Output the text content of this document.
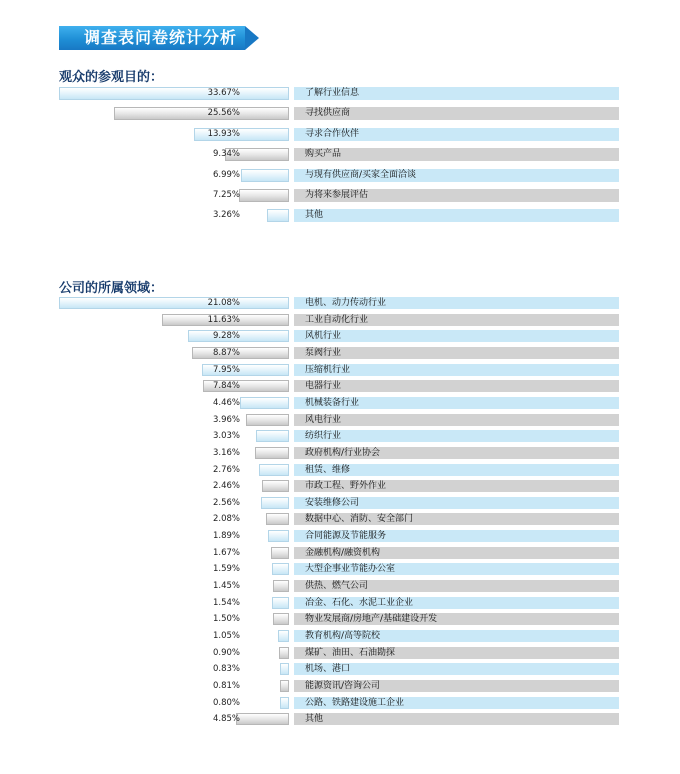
调查表问卷统计分析
观众的参观目的：
公司的所属领域：
33.67%	了解行业信息
25.56%	寻找供应商
13.93%	寻求合作伙伴
9.34%	购买产品
6.99%	与现有供应商/买家全面洽谈
7.25%	为将来参展评估
3.26%	其他
21.08%	电机、动力传动行业
11.63%	工业自动化行业
9.28%	风机行业
8.87%	泵阀行业
7.95%	压缩机行业
7.84%	电器行业
4.46%	机械装备行业
3.96%	风电行业
3.03%	纺织行业
3.16%	政府机构/行业协会
2.76%	租赁、维修
2.46%	市政工程、野外作业
2.56%	安装维修公司
2.08%	数据中心、消防、安全部门
1.89%	合同能源及节能服务
1.67%	金融机构/融资机构
1.59%	大型企事业节能办公室
1.45%	供热、燃气公司
1.54%	冶金、石化、水泥工业企业
1.50%	物业发展商/房地产/基础建设开发
1.05%	教育机构/高等院校
0.90%	煤矿、油田、石油勘探
0.83%	机场、港口
0.81%	能源资讯/咨询公司
0.80%	公路、铁路建设施工企业
4.85%	其他
